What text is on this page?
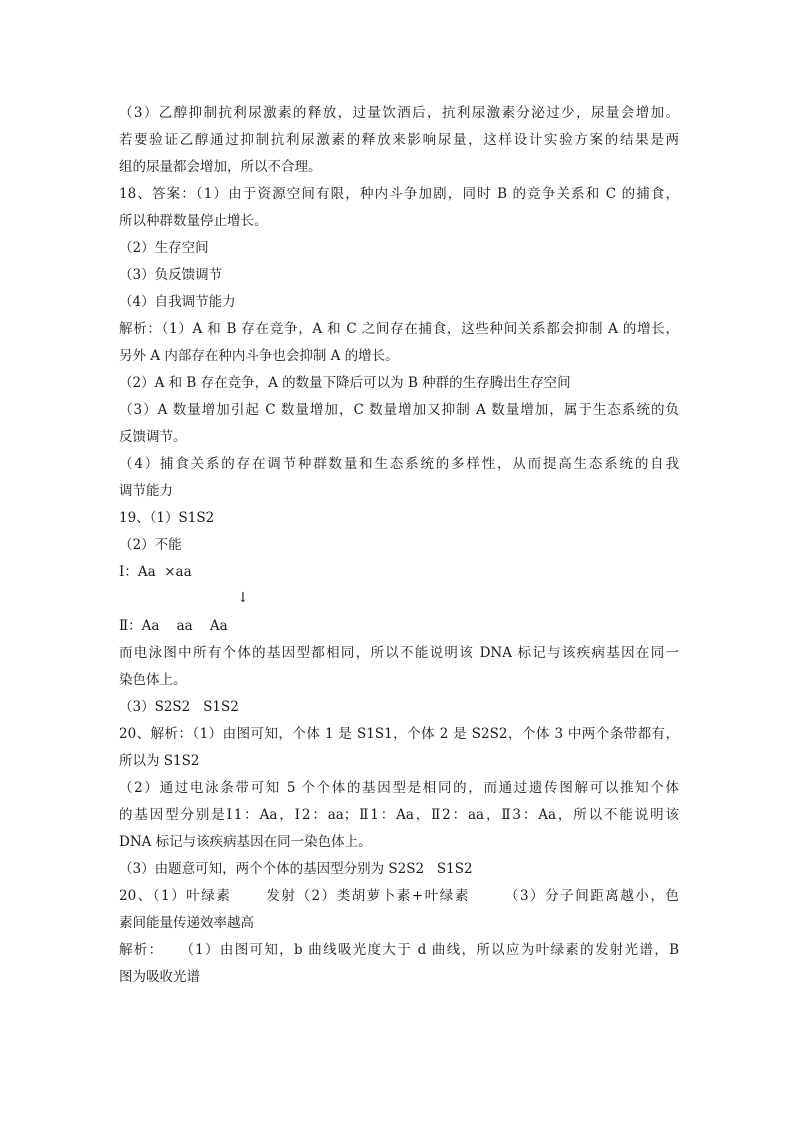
（3）乙醇抑制抗利尿激素的释放，过量饮酒后，抗利尿激素分泌过少，尿量会增加。
若要验证乙醇通过抑制抗利尿激素的释放来影响尿量，这样设计实验方案的结果是两
组的尿量都会增加，所以不合理。
18、答案：（1）由于资源空间有限，种内斗争加剧，同时 B 的竞争关系和 C 的捕食，
所以种群数量停止增长。
（2）生存空间
（3）负反馈调节
（4）自我调节能力
解析：（1）A 和 B 存在竞争，A 和 C 之间存在捕食，这些种间关系都会抑制 A 的增长，
另外 A 内部存在种内斗争也会抑制 A 的增长。
（2）A 和 B 存在竞争，A 的数量下降后可以为 B 种群的生存腾出生存空间
（3）A 数量增加引起 C 数量增加，C 数量增加又抑制 A 数量增加，属于生态系统的负
反馈调节。
（4）捕食关系的存在调节种群数量和生态系统的多样性，从而提高生态系统的自我
调节能力
19、（1）S1S2
（2）不能
Ⅰ：Aa  ×aa
↓
Ⅱ：Aa    aa    Aa
而电泳图中所有个体的基因型都相同，所以不能说明该 DNA 标记与该疾病基因在同一
染色体上。
（3）S2S2   S1S2
20、解析：（1）由图可知，个体 1 是 S1S1，个体 2 是 S2S2，个体 3 中两个条带都有，
所以为 S1S2
（2）通过电泳条带可知 5 个个体的基因型是相同的，而通过遗传图解可以推知个体
的基因型分别是Ⅰ1：Aa，Ⅰ2：aa；Ⅱ1：Aa，Ⅱ2：aa，Ⅱ3：Aa，所以不能说明该
DNA 标记与该疾病基因在同一染色体上。
（3）由题意可知，两个个体的基因型分别为 S2S2   S1S2
20、（1）叶绿素      发射（2）类胡萝卜素+叶绿素      （3）分子间距离越小，色
素间能量传递效率越高
解析：   （1）由图可知，b 曲线吸光度大于 d 曲线，所以应为叶绿素的发射光谱，B
图为吸收光谱
